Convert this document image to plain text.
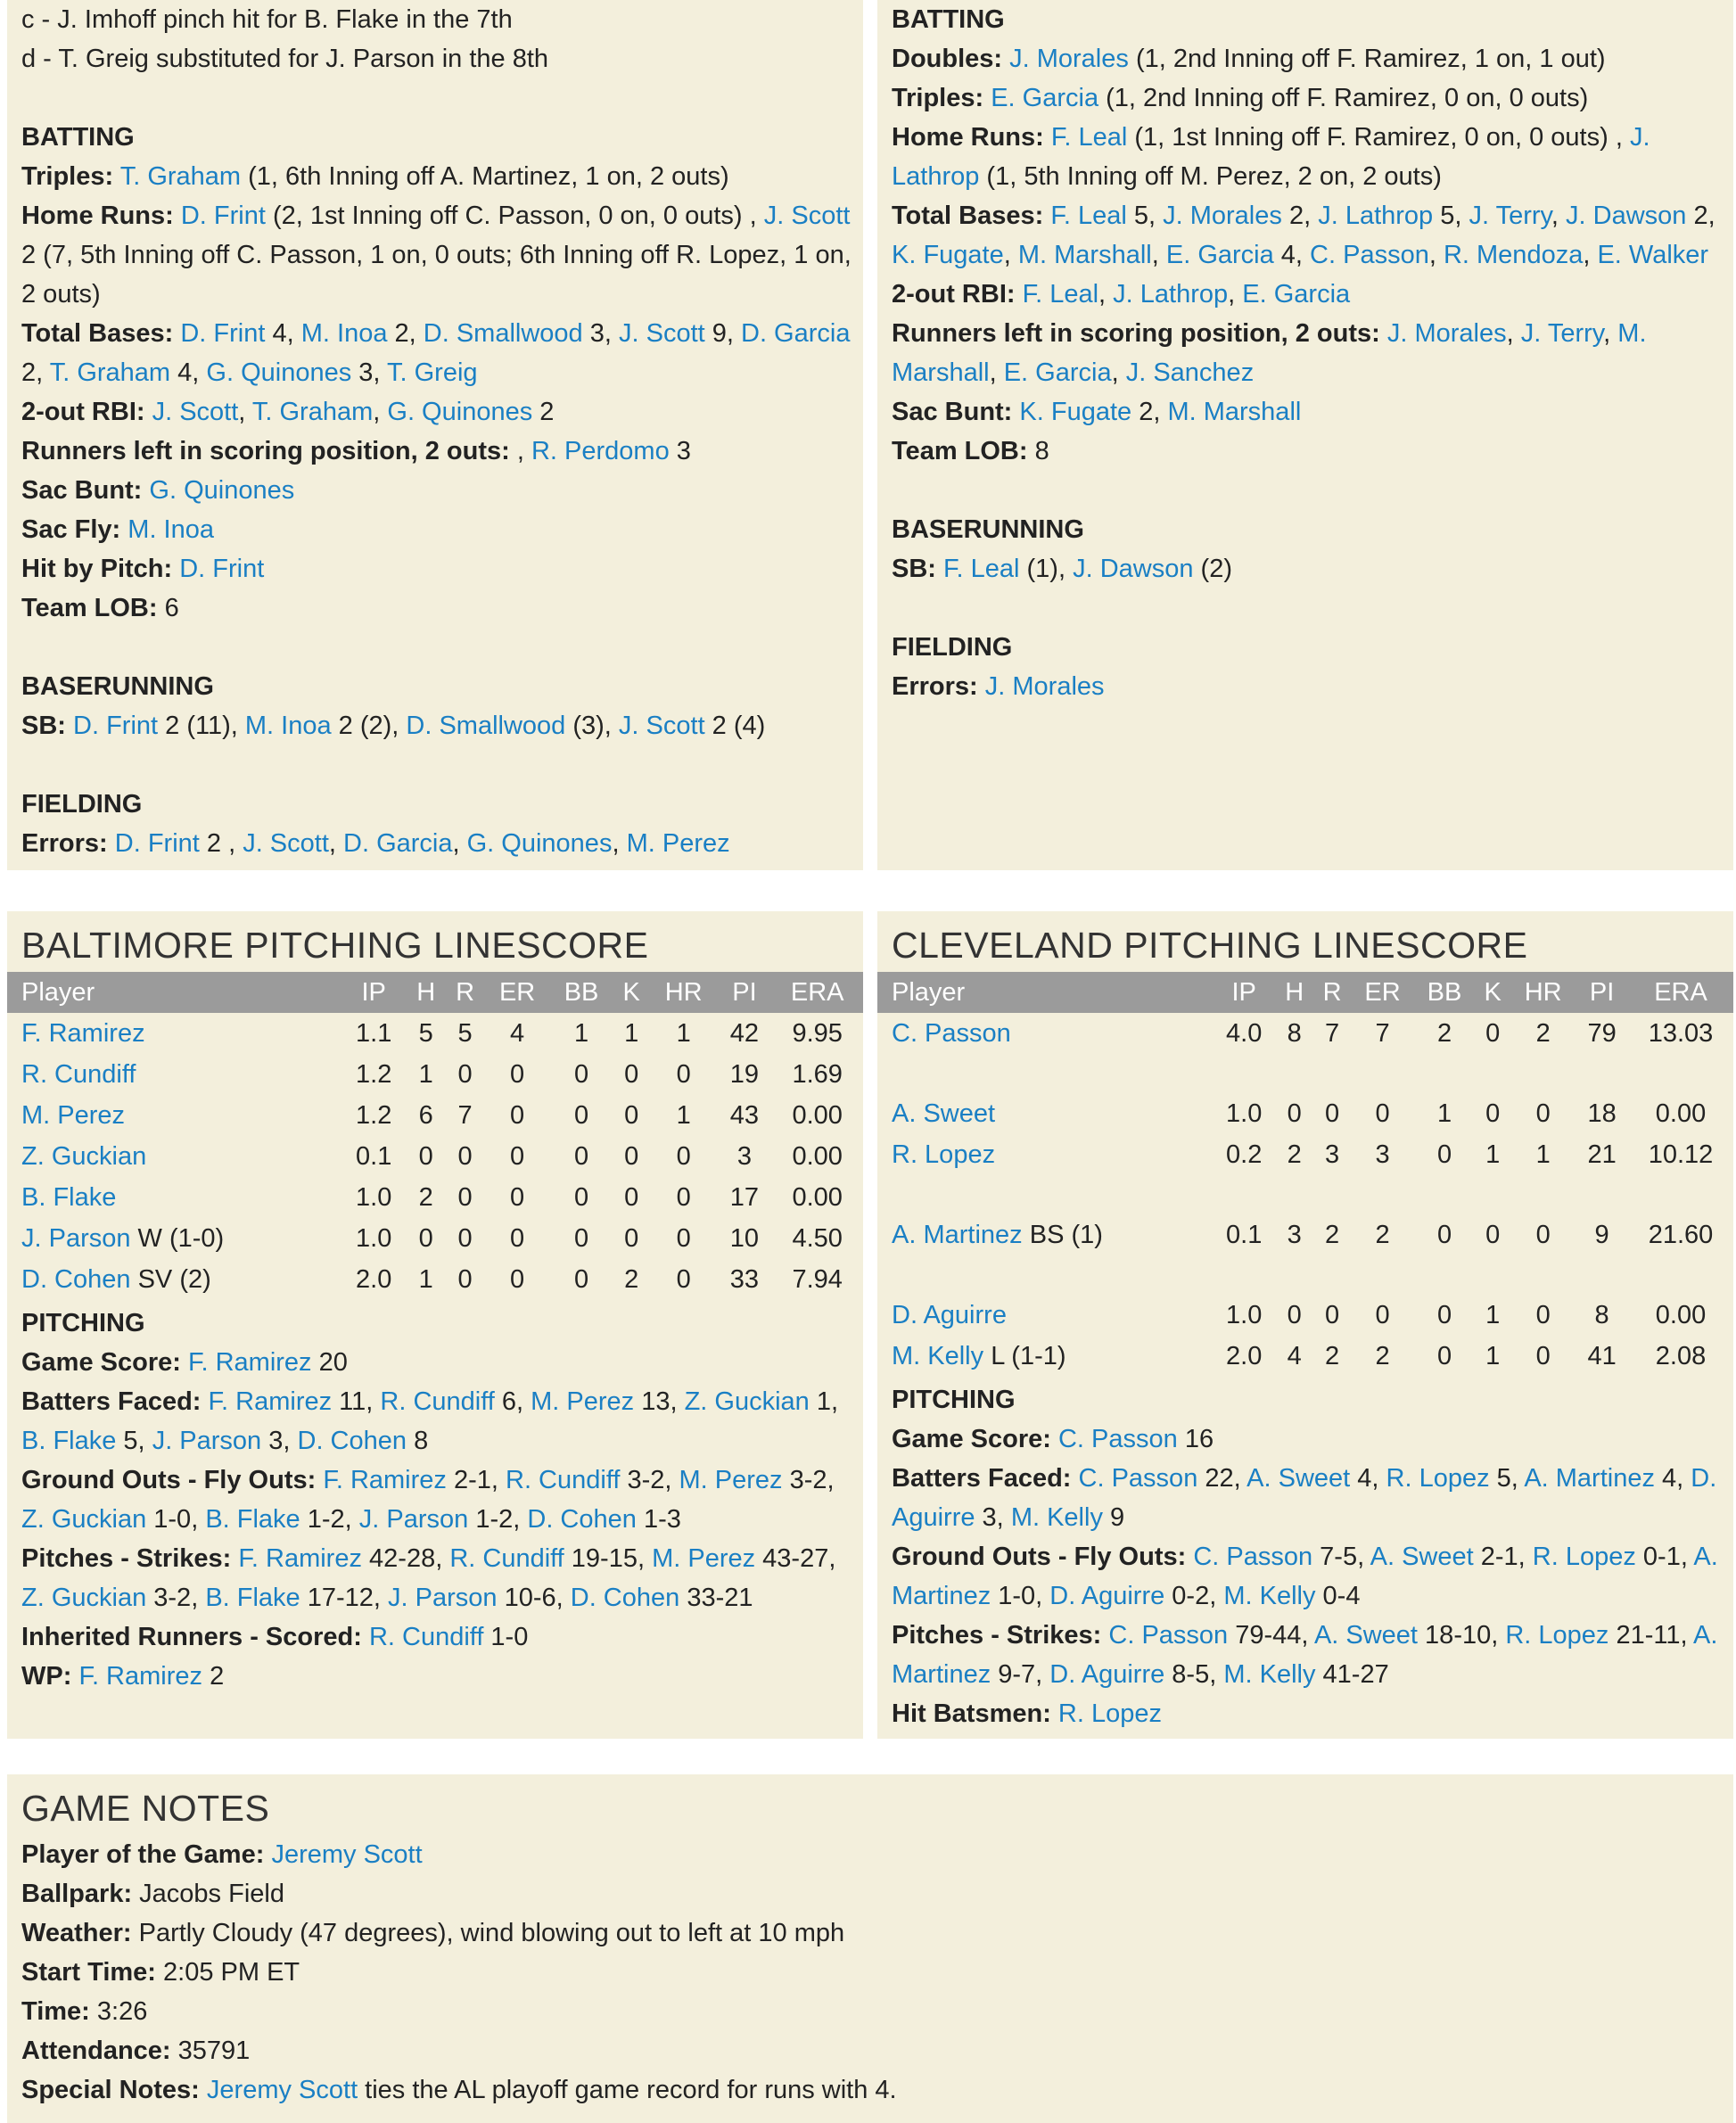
c - J. Imhoff pinch hit for B. Flake in the 7th
d - T. Greig substituted for J. Parson in the 8th
BATTING
Triples: T. Graham (1, 6th Inning off A. Martinez, 1 on, 2 outs)
Home Runs: D. Frint (2, 1st Inning off C. Passon, 0 on, 0 outs) , J. Scott 2 (7, 5th Inning off C. Passon, 1 on, 0 outs; 6th Inning off R. Lopez, 1 on, 2 outs)
Total Bases: D. Frint 4, M. Inoa 2, D. Smallwood 3, J. Scott 9, D. Garcia 2, T. Graham 4, G. Quinones 3, T. Greig
2-out RBI: J. Scott, T. Graham, G. Quinones 2
Runners left in scoring position, 2 outs: , R. Perdomo 3
Sac Bunt: G. Quinones
Sac Fly: M. Inoa
Hit by Pitch: D. Frint
Team LOB: 6
BASERUNNING
SB: D. Frint 2 (11), M. Inoa 2 (2), D. Smallwood (3), J. Scott 2 (4)
FIELDING
Errors: D. Frint 2 , J. Scott, D. Garcia, G. Quinones, M. Perez
BATTING
Doubles: J. Morales (1, 2nd Inning off F. Ramirez, 1 on, 1 out)
Triples: E. Garcia (1, 2nd Inning off F. Ramirez, 0 on, 0 outs)
Home Runs: F. Leal (1, 1st Inning off F. Ramirez, 0 on, 0 outs) , J. Lathrop (1, 5th Inning off M. Perez, 2 on, 2 outs)
Total Bases: F. Leal 5, J. Morales 2, J. Lathrop 5, J. Terry, J. Dawson 2, K. Fugate, M. Marshall, E. Garcia 4, C. Passon, R. Mendoza, E. Walker
2-out RBI: F. Leal, J. Lathrop, E. Garcia
Runners left in scoring position, 2 outs: J. Morales, J. Terry, M. Marshall, E. Garcia, J. Sanchez
Sac Bunt: K. Fugate 2, M. Marshall
Team LOB: 8
BASERUNNING
SB: F. Leal (1), J. Dawson (2)
FIELDING
Errors: J. Morales
BALTIMORE PITCHING LINESCORE
Player	IP	H	R	ER	BB	K	HR	PI	ERA
F. Ramirez	1.1	5	5	4	1	1	1	42	9.95
R. Cundiff	1.2	1	0	0	0	0	0	19	1.69
M. Perez	1.2	6	7	0	0	0	1	43	0.00
Z. Guckian	0.1	0	0	0	0	0	0	3	0.00
B. Flake	1.0	2	0	0	0	0	0	17	0.00
J. Parson W (1-0)	1.0	0	0	0	0	0	0	10	4.50
D. Cohen SV (2)	2.0	1	0	0	0	2	0	33	7.94
PITCHING
Game Score: F. Ramirez 20
Batters Faced: F. Ramirez 11, R. Cundiff 6, M. Perez 13, Z. Guckian 1, B. Flake 5, J. Parson 3, D. Cohen 8
Ground Outs - Fly Outs: F. Ramirez 2-1, R. Cundiff 3-2, M. Perez 3-2, Z. Guckian 1-0, B. Flake 1-2, J. Parson 1-2, D. Cohen 1-3
Pitches - Strikes: F. Ramirez 42-28, R. Cundiff 19-15, M. Perez 43-27, Z. Guckian 3-2, B. Flake 17-12, J. Parson 10-6, D. Cohen 33-21
Inherited Runners - Scored: R. Cundiff 1-0
WP: F. Ramirez 2
CLEVELAND PITCHING LINESCORE
Player	IP	H	R	ER	BB	K	HR	PI	ERA
C. Passon	4.0	8	7	7	2	0	2	79	13.03

A. Sweet	1.0	0	0	0	1	0	0	18	0.00
R. Lopez	0.2	2	3	3	0	1	1	21	10.12

A. Martinez BS (1)	0.1	3	2	2	0	0	0	9	21.60

D. Aguirre	1.0	0	0	0	0	1	0	8	0.00
M. Kelly L (1-1)	2.0	4	2	2	0	1	0	41	2.08
PITCHING
Game Score: C. Passon 16
Batters Faced: C. Passon 22, A. Sweet 4, R. Lopez 5, A. Martinez 4, D. Aguirre 3, M. Kelly 9
Ground Outs - Fly Outs: C. Passon 7-5, A. Sweet 2-1, R. Lopez 0-1, A. Martinez 1-0, D. Aguirre 0-2, M. Kelly 0-4
Pitches - Strikes: C. Passon 79-44, A. Sweet 18-10, R. Lopez 21-11, A. Martinez 9-7, D. Aguirre 8-5, M. Kelly 41-27
Hit Batsmen: R. Lopez
GAME NOTES
Player of the Game: Jeremy Scott
Ballpark: Jacobs Field
Weather: Partly Cloudy (47 degrees), wind blowing out to left at 10 mph
Start Time: 2:05 PM ET
Time: 3:26
Attendance: 35791
Special Notes: Jeremy Scott ties the AL playoff game record for runs with 4.
